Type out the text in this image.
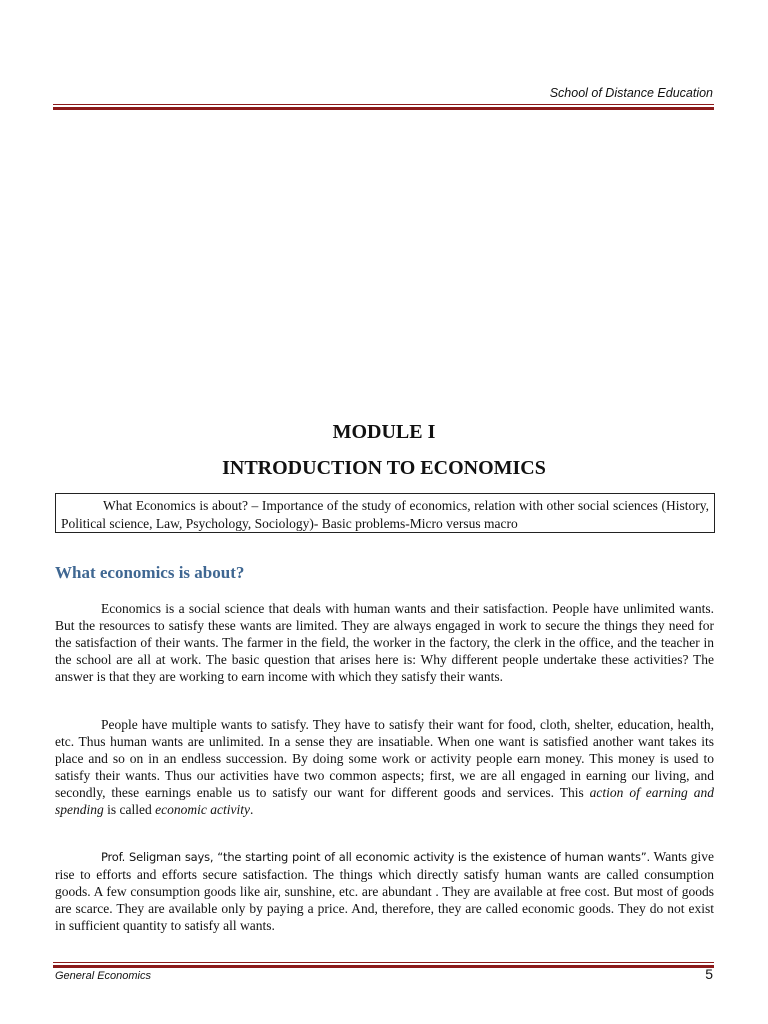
School of Distance Education
MODULE I
INTRODUCTION TO ECONOMICS
What Economics is about? – Importance of the study of economics, relation with other social sciences (History, Political science, Law, Psychology, Sociology)- Basic problems-Micro versus macro
What economics is about?

Economics is a social science that deals with human wants and their satisfaction. People have unlimited wants. But the resources to satisfy these wants are limited. They are always engaged in work to secure the things they need for the satisfaction of their wants. The farmer in the field, the worker in the factory, the clerk in the office, and the teacher in the school are all at work. The basic question that arises here is: Why different people undertake these activities? The answer is that they are working to earn income with which they satisfy their wants.

People have multiple wants to satisfy. They have to satisfy their want for food, cloth, shelter, education, health, etc. Thus human wants are unlimited. In a sense they are insatiable. When one want is satisfied another want takes its place and so on in an endless succession. By doing some work or activity people earn money. This money is used to satisfy their wants. Thus our activities have two common aspects; first, we are all engaged in earning our living, and secondly, these earnings enable us to satisfy our want for different goods and services. This action of earning and spending is called economic activity.

Prof. Seligman says, “the starting point of all economic activity is the existence of human wants”. Wants give rise to efforts and efforts secure satisfaction. The things which directly satisfy human wants are called consumption goods. A few consumption goods like air, sunshine, etc. are abundant . They are available at free cost. But most of goods are scarce. They are available only by paying a price. And, therefore, they are called economic goods. They do not exist in sufficient quantity to satisfy all wants.

General Economics	5
